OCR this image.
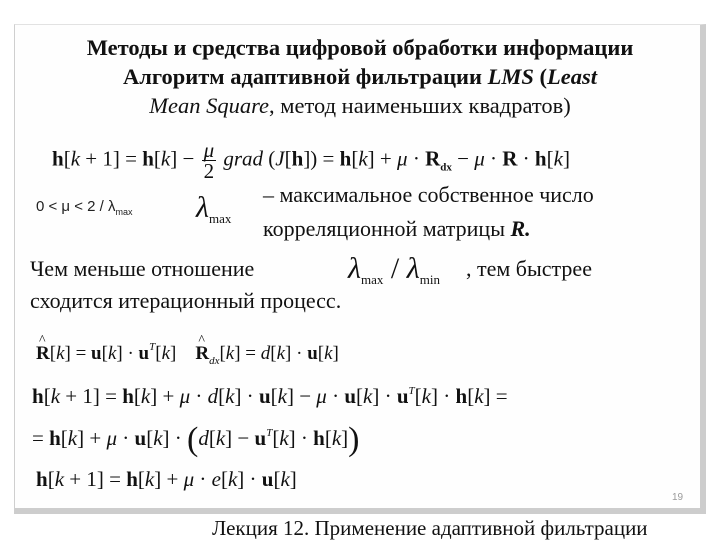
Методы и средства цифровой обработки информации
Алгоритм адаптивной фильтрации LMS (Least
Mean Square, метод наименьших квадратов)
$h[k + 1] = h[k] - \frac{\mu}{2}$ grad $(J[h]) = h[k] + \mu \cdot R_{dx} - \mu \cdot R \cdot h[k]$
$0 < \mu < 2 / \lambda_{max}$ $\lambda_{max}$
– максимальное собственное число
корреляционной матрицы R.
Чем меньше отношение	$\lambda_{max} / \lambda_{min}$ , тем быстрее
сходится итерационный процесс.
^ $R[k] = u[k] \cdot u^T[k]$    ^ $R_{dx}[k] = d[k] \cdot u[k]$
$h[k + 1] = h[k] + \mu \cdot d[k] \cdot u[k] - \mu \cdot u[k] \cdot u^T[k] \cdot h[k]$ =
= $h[k] + \mu \cdot u[k] \cdot (d[k] - u^T[k] \cdot h[k])$
h[k + 1] = h[k] + μ · e[k] · u[k]
19
Лекция 12. Применение адаптивной фильтрации
